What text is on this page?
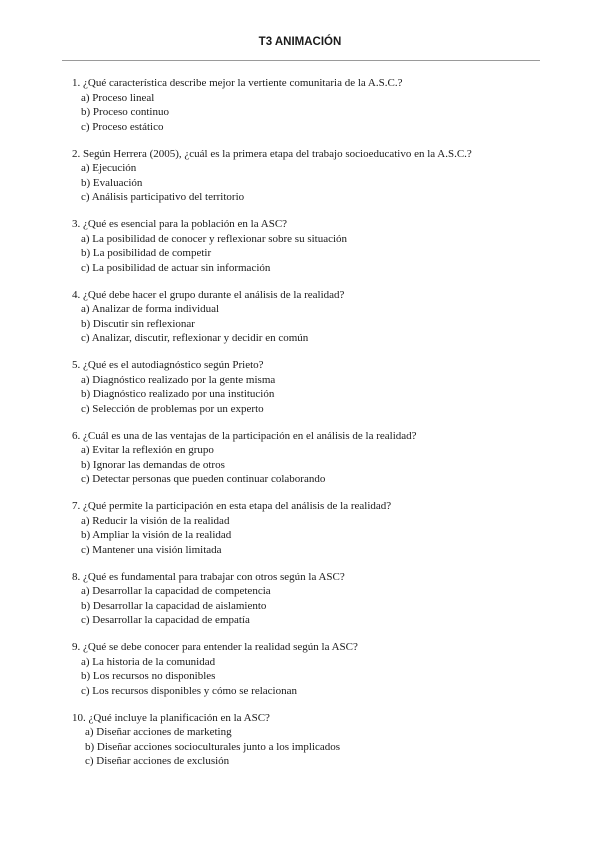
T3 ANIMACIÓN
1. ¿Qué característica describe mejor la vertiente comunitaria de la A.S.C.?
a) Proceso lineal
b) Proceso continuo
c) Proceso estático
2. Según Herrera (2005), ¿cuál es la primera etapa del trabajo socioeducativo en la A.S.C.?
a) Ejecución
b) Evaluación
c) Análisis participativo del territorio
3. ¿Qué es esencial para la población en la ASC?
a) La posibilidad de conocer y reflexionar sobre su situación
b) La posibilidad de competir
c) La posibilidad de actuar sin información
4. ¿Qué debe hacer el grupo durante el análisis de la realidad?
a) Analizar de forma individual
b) Discutir sin reflexionar
c) Analizar, discutir, reflexionar y decidir en común
5. ¿Qué es el autodiagnóstico según Prieto?
a) Diagnóstico realizado por la gente misma
b) Diagnóstico realizado por una institución
c) Selección de problemas por un experto
6. ¿Cuál es una de las ventajas de la participación en el análisis de la realidad?
a) Evitar la reflexión en grupo
b) Ignorar las demandas de otros
c) Detectar personas que pueden continuar colaborando
7. ¿Qué permite la participación en esta etapa del análisis de la realidad?
a) Reducir la visión de la realidad
b) Ampliar la visión de la realidad
c) Mantener una visión limitada
8. ¿Qué es fundamental para trabajar con otros según la ASC?
a) Desarrollar la capacidad de competencia
b) Desarrollar la capacidad de aislamiento
c) Desarrollar la capacidad de empatía
9. ¿Qué se debe conocer para entender la realidad según la ASC?
a) La historia de la comunidad
b) Los recursos no disponibles
c) Los recursos disponibles y cómo se relacionan
10. ¿Qué incluye la planificación en la ASC?
a) Diseñar acciones de marketing
b) Diseñar acciones socioculturales junto a los implicados
c) Diseñar acciones de exclusión
